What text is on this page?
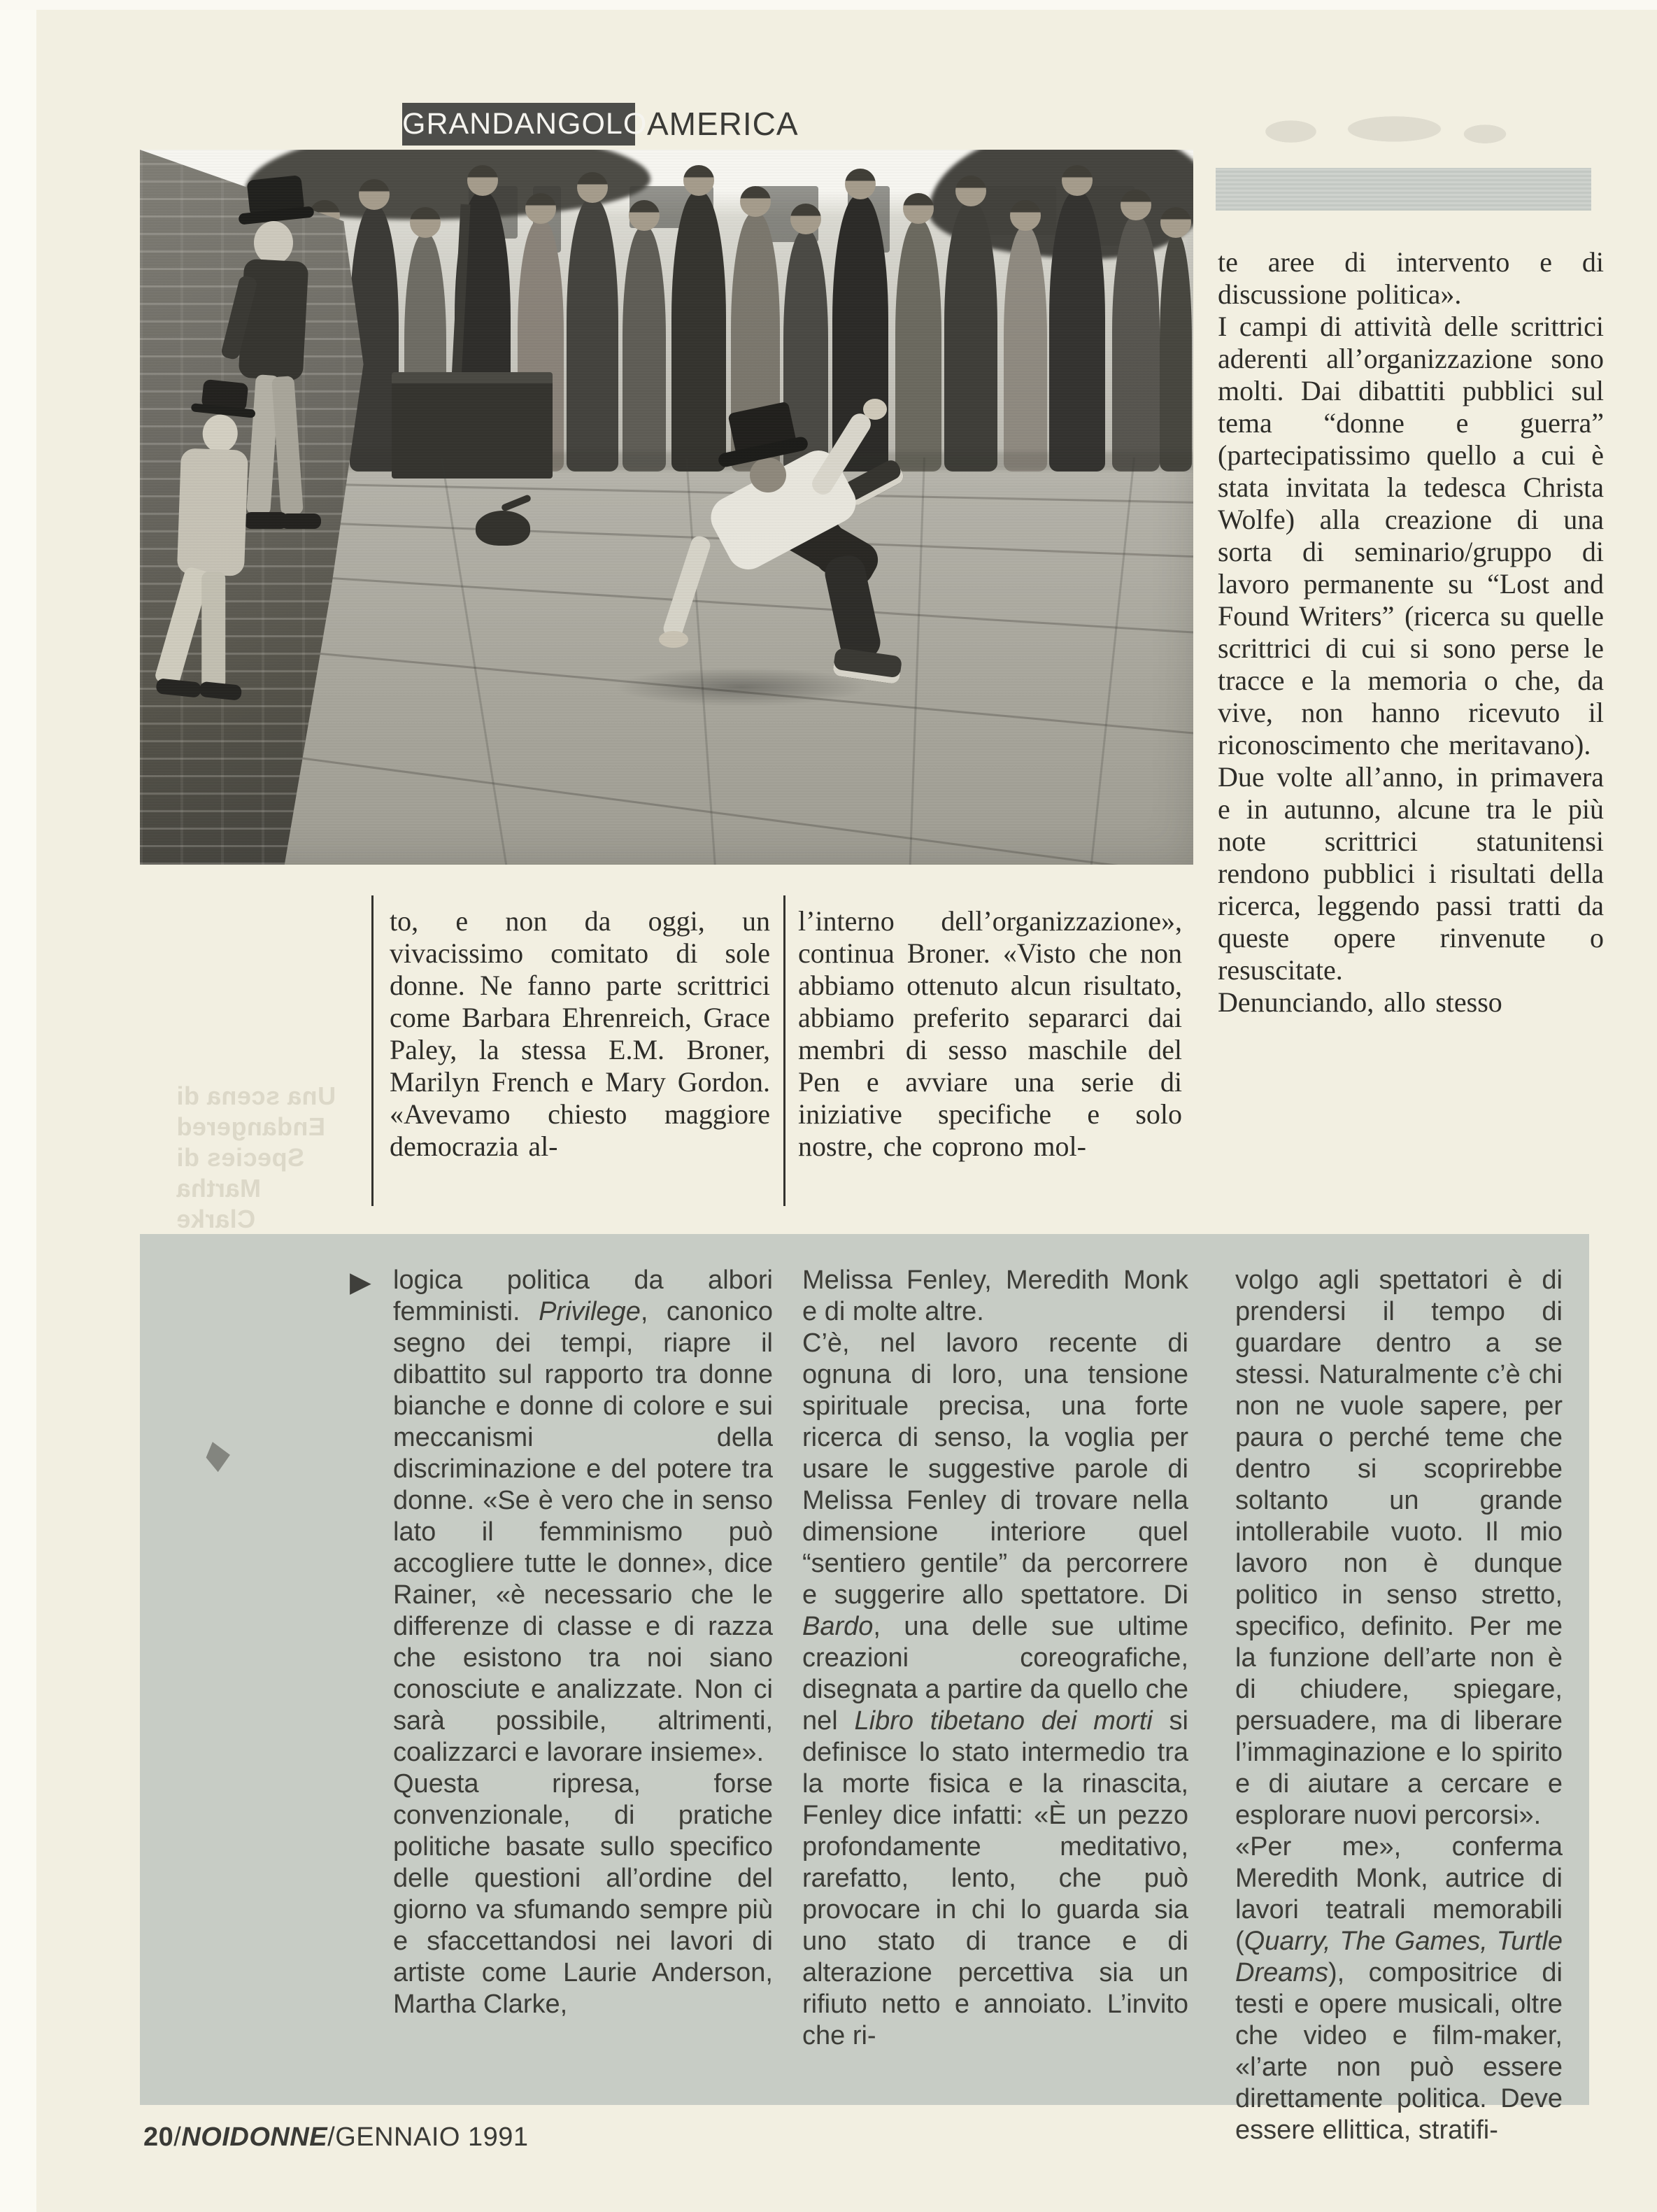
GRANDANGOLO AMERICA

to, e non da oggi, un vivacissimo comitato di sole donne. Ne fanno parte scrittrici come Barbara Ehrenreich, Grace Paley, la stessa E.M. Broner, Marilyn French e Mary Gordon. «Avevamo chiesto maggiore democrazia al-

l’interno dell’organizzazione», continua Broner. «Visto che non abbiamo ottenuto alcun risultato, abbiamo preferito separarci dai membri di sesso maschile del Pen e avviare una serie di iniziative specifiche e solo nostre, che coprono mol-

te aree di intervento e di discussione politica».

I campi di attività delle scrittrici aderenti all’organizzazione sono molti. Dai dibattiti pubblici sul tema “donne e guerra” (partecipatissimo quello a cui è stata invitata la tedesca Christa Wolfe) alla creazione di una sorta di seminario/gruppo di lavoro permanente su “Lost and Found Writers” (ricerca su quelle scrittrici di cui si sono perse le tracce e la memoria o che, da vive, non hanno ricevuto il riconoscimento che meritavano).

Due volte all’anno, in primavera e in autunno, alcune tra le più note scrittrici statunitensi rendono pubblici i risultati della ricerca, leggendo passi tratti da queste opere rinvenute o resuscitate.

Denunciando, allo stesso

Una scena di
Endangered
Species di
Martha Clarke
▶ logica politica da albori femministi. Privilege, canonico segno dei tempi, riapre il dibattito sul rapporto tra donne bianche e donne di colore e sui meccanismi della discriminazione e del potere tra donne. «Se è vero che in senso lato il femminismo può accogliere tutte le donne», dice Rainer, «è necessario che le differenze di classe e di razza che esistono tra noi siano conosciute e analizzate. Non ci sarà possibile, altrimenti, coalizzarci e lavorare insieme».

Questa ripresa, forse convenzionale, di pratiche politiche basate sullo specifico delle questioni all’ordine del giorno va sfumando sempre più e sfaccettandosi nei lavori di artiste come Laurie Anderson, Martha Clarke,

Melissa Fenley, Meredith Monk e di molte altre.

C’è, nel lavoro recente di ognuna di loro, una tensione spirituale precisa, una forte ricerca di senso, la voglia per usare le suggestive parole di Melissa Fenley di trovare nella dimensione interiore quel “sentiero gentile” da percorrere e suggerire allo spettatore. Di Bardo, una delle sue ultime creazioni coreografiche, disegnata a partire da quello che nel Libro tibetano dei morti si definisce lo stato intermedio tra la morte fisica e la rinascita, Fenley dice infatti: «È un pezzo profondamente meditativo, rarefatto, lento, che può provocare in chi lo guarda sia uno stato di trance e di alterazione percettiva sia un rifiuto netto e annoiato. L’invito che ri-

volgo agli spettatori è di prendersi il tempo di guardare dentro a se stessi. Naturalmente c’è chi non ne vuole sapere, per paura o perché teme che dentro si scoprirebbe soltanto un grande intollerabile vuoto. Il mio lavoro non è dunque politico in senso stretto, specifico, definito. Per me la funzione dell’arte non è di chiudere, spiegare, persuadere, ma di liberare l’immaginazione e lo spirito e di aiutare a cercare e esplorare nuovi percorsi».

«Per me», conferma Meredith Monk, autrice di lavori teatrali memorabili (Quarry, The Games, Turtle Dreams), compositrice di testi e opere musicali, oltre che video e film-maker, «l’arte non può essere direttamente politica. Deve essere ellittica, stratifi-

20/NOIDONNE/GENNAIO 1991
